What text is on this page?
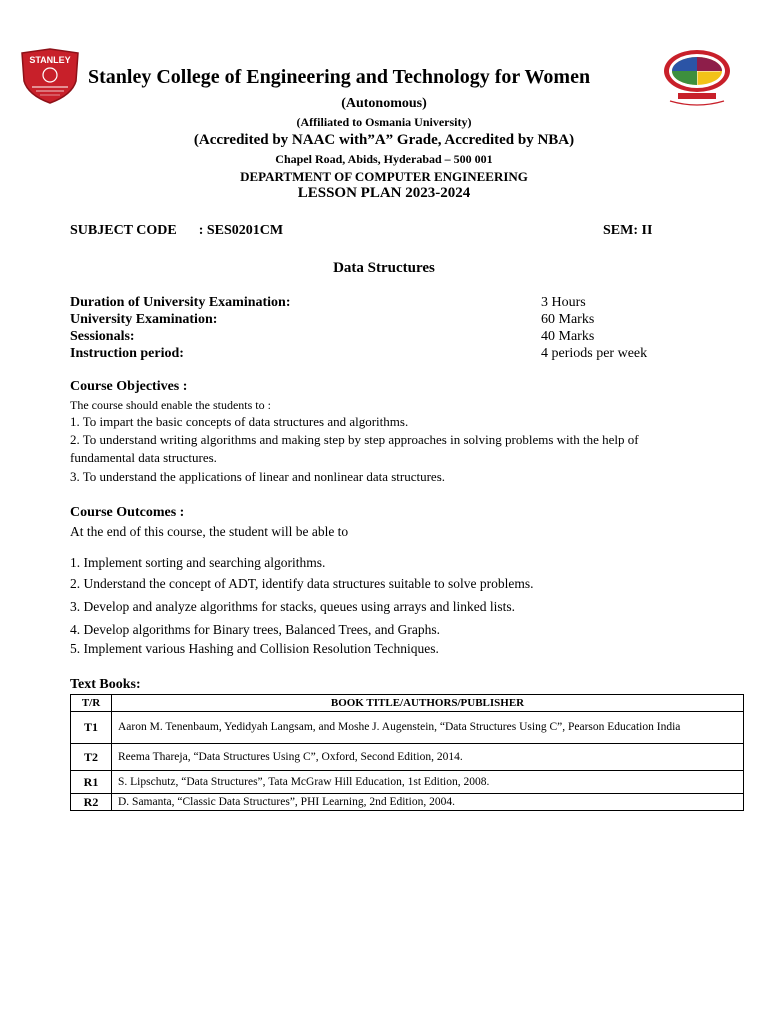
STANLEY
Stanley College of Engineering and Technology for Women
(Autonomous)
(Affiliated to Osmania University)
(Accredited by NAAC with”A” Grade, Accredited by NBA)
Chapel Road, Abids, Hyderabad – 500 001
DEPARTMENT OF COMPUTER ENGINEERING
LESSON PLAN 2023-2024
SUBJECT CODE : SES0201CM	SEM: II
Data Structures
Duration of University Examination:	3 Hours
University Examination:	60 Marks
Sessionals:	40 Marks
Instruction period:	4 periods per week
Course Objectives :
The course should enable the students to :
1. To impart the basic concepts of data structures and algorithms.
2. To understand writing algorithms and making step by step approaches in solving problems with the help of fundamental data structures.
3. To understand the applications of linear and nonlinear data structures.
Course Outcomes :
At the end of this course, the student will be able to
1. Implement sorting and searching algorithms.
2. Understand the concept of ADT, identify data structures suitable to solve problems.
3. Develop and analyze algorithms for stacks, queues using arrays and linked lists.
4. Develop algorithms for Binary trees, Balanced Trees, and Graphs.
5. Implement various Hashing and Collision Resolution Techniques.
Text Books:
T/R	BOOK TITLE/AUTHORS/PUBLISHER
T1	Aaron M. Tenenbaum, Yedidyah Langsam, and Moshe J. Augenstein, “Data Structures Using C”, Pearson Education India
T2	Reema Thareja, “Data Structures Using C”, Oxford, Second Edition, 2014.
R1	S. Lipschutz, “Data Structures”, Tata McGraw Hill Education, 1st Edition, 2008.
R2	D. Samanta, “Classic Data Structures”, PHI Learning, 2nd Edition, 2004.
